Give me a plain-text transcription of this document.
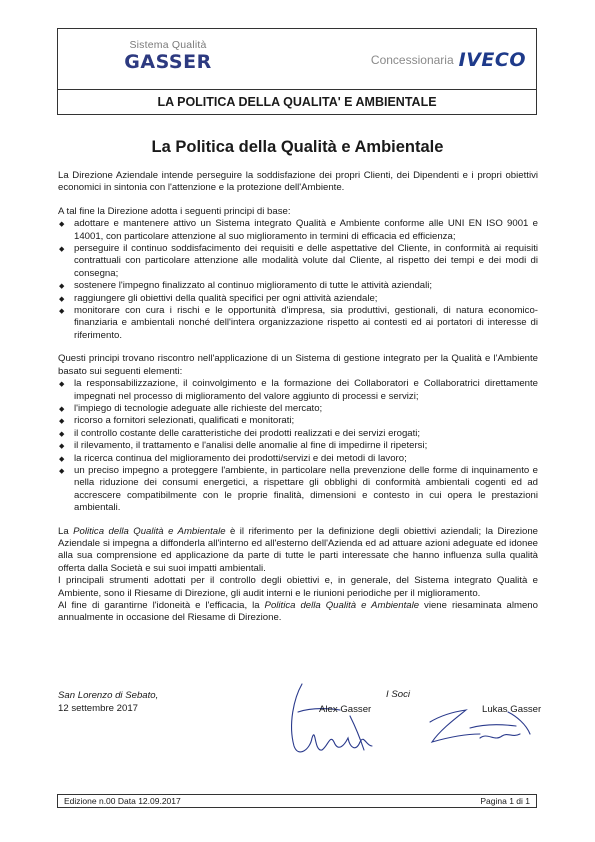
Sistema Qualità
GASSER	Concessionaria IVECO
LA POLITICA DELLA QUALITA' E AMBIENTALE
La Politica della Qualità e Ambientale

La Direzione Aziendale intende perseguire la soddisfazione dei propri Clienti, dei Dipendenti e i propri obiettivi economici in sintonia con l'attenzione e la protezione dell'Ambiente.

A tal fine la Direzione adotta i seguenti principi di base:

◆ adottare e mantenere attivo un Sistema integrato Qualità e Ambiente conforme alle UNI EN ISO 9001 e 14001, con particolare attenzione al suo miglioramento in termini di efficacia ed efficienza;
◆ perseguire il continuo soddisfacimento dei requisiti e delle aspettative del Cliente, in conformità ai requisiti contrattuali con particolare attenzione alle modalità volute dal Cliente, al rispetto dei tempi e dei modi di consegna;
◆ sostenere l'impegno finalizzato al continuo miglioramento di tutte le attività aziendali;
◆ raggiungere gli obiettivi della qualità specifici per ogni attività aziendale;
◆ monitorare con cura i rischi e le opportunità d'impresa, sia produttivi, gestionali, di natura economico-finanziaria e ambientali nonché dell'intera organizzazione rispetto ai contesti ed ai portatori di interesse di riferimento.

Questi principi trovano riscontro nell'applicazione di un Sistema di gestione integrato per la Qualità e l'Ambiente basato sui seguenti elementi:

◆ la responsabilizzazione, il coinvolgimento e la formazione dei Collaboratori e Collaboratrici direttamente impegnati nel processo di miglioramento del valore aggiunto di processi e servizi;
◆ l'impiego di tecnologie adeguate alle richieste del mercato;
◆ ricorso a fornitori selezionati, qualificati e monitorati;
◆ il controllo costante delle caratteristiche dei prodotti realizzati e dei servizi erogati;
◆ il rilevamento, il trattamento e l'analisi delle anomalie al fine di impedirne il ripetersi;
◆ la ricerca continua del miglioramento dei prodotti/servizi e dei metodi di lavoro;
◆ un preciso impegno a proteggere l'ambiente, in particolare nella prevenzione delle forme di inquinamento e nella riduzione dei consumi energetici, a rispettare gli obblighi di conformità ambientali cogenti ed ad accrescere compatibilmente con le proprie finalità, dimensioni e contesto in cui opera le prestazioni ambientali.

La Politica della Qualità e Ambientale è il riferimento per la definizione degli obiettivi aziendali; la Direzione Aziendale si impegna a diffonderla all'interno ed all'esterno dell'Azienda ed ad attuare azioni adeguate ed idonee alla sua comprensione ed applicazione da parte di tutte le parti interessate che hanno influenza sulla qualità offerta dalla Società e sui suoi impatti ambientali.

I principali strumenti adottati per il controllo degli obiettivi e, in generale, del Sistema integrato Qualità e Ambiente, sono il Riesame di Direzione, gli audit interni e le riunioni periodiche per il miglioramento.

Al fine di garantirne l'idoneità e l'efficacia, la Politica della Qualità e Ambientale viene riesaminata almeno annualmente in occasione del Riesame di Direzione.

San Lorenzo di Sebato,
12 settembre 2017
I Soci
Alex Gasser	Lukas Gasser
Edizione n.00 Data 12.09.2017	Pagina 1 di 1
